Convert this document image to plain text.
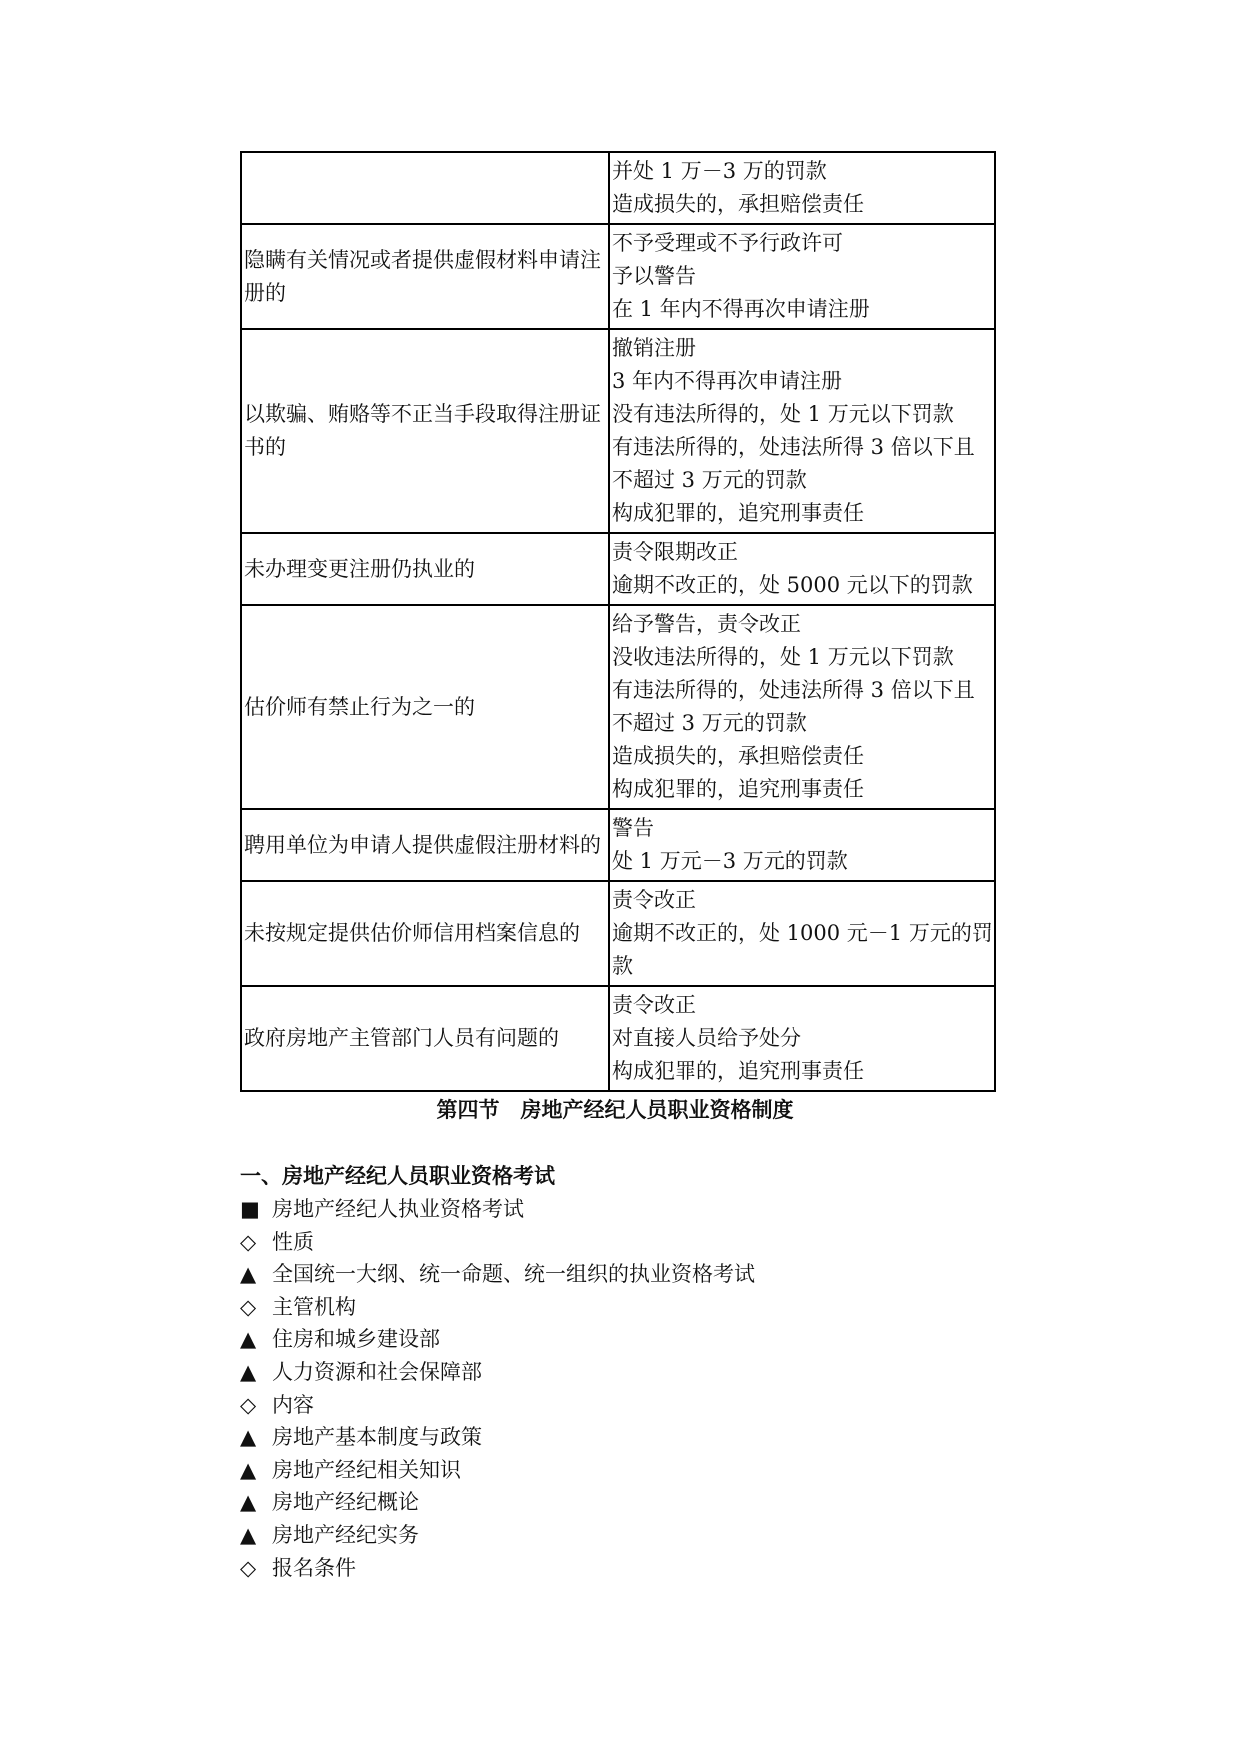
	并处 1 万－3 万的罚款
造成损失的，承担赔偿责任

隐瞒有关情况或者提供虚假材料申请注册的	不予受理或不予行政许可
予以警告
在 1 年内不得再次申请注册

以欺骗、贿赂等不正当手段取得注册证书的	撤销注册
3 年内不得再次申请注册
没有违法所得的，处 1 万元以下罚款
有违法所得的，处违法所得 3 倍以下且不超过 3 万元的罚款
构成犯罪的，追究刑事责任

未办理变更注册仍执业的	责令限期改正
逾期不改正的，处 5000 元以下的罚款

估价师有禁止行为之一的	给予警告，责令改正
没收违法所得的，处 1 万元以下罚款
有违法所得的，处违法所得 3 倍以下且不超过 3 万元的罚款
造成损失的，承担赔偿责任
构成犯罪的，追究刑事责任

聘用单位为申请人提供虚假注册材料的	警告
处 1 万元－3 万元的罚款

未按规定提供估价师信用档案信息的	责令改正
逾期不改正的，处 1000 元－1 万元的罚款

政府房地产主管部门人员有问题的	责令改正
对直接人员给予处分
构成犯罪的，追究刑事责任
第四节　房地产经纪人员职业资格制度
一、房地产经纪人员职业资格考试
■ 房地产经纪人执业资格考试
◇ 性质
▲ 全国统一大纲、统一命题、统一组织的执业资格考试
◇ 主管机构
▲ 住房和城乡建设部
▲ 人力资源和社会保障部
◇ 内容
▲ 房地产基本制度与政策
▲ 房地产经纪相关知识
▲ 房地产经纪概论
▲ 房地产经纪实务
◇ 报名条件
